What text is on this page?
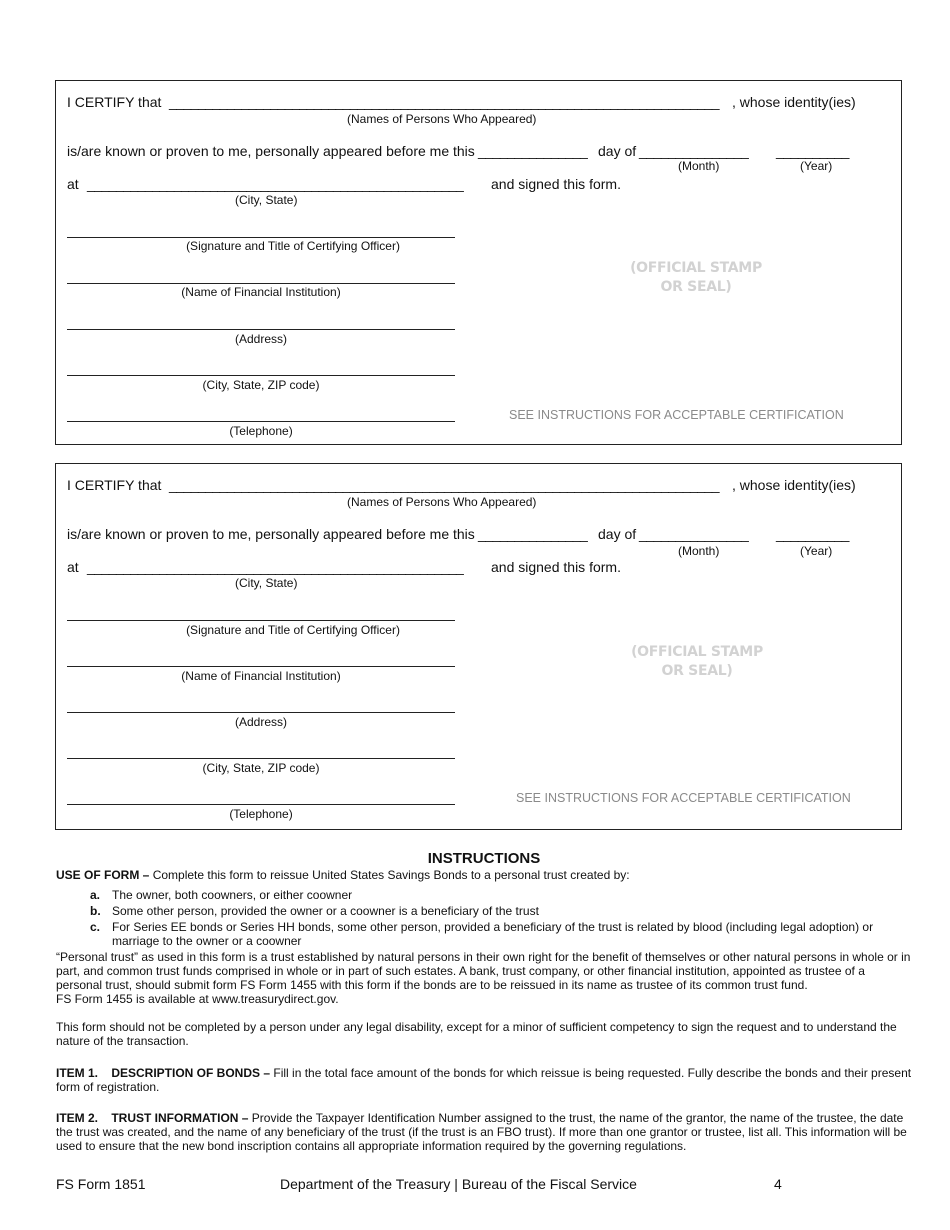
I CERTIFY that ____________________________________________________________________________ , whose identity(ies)
(Names of Persons Who Appeared)
is/are known or proven to me, personally appeared before me this _______________ day of _______________ __________
(Month)	(Year)
at ____________________________________________________ and signed this form.
(City, State)
(Signature and Title of Certifying Officer)
(Name of Financial Institution)
(Address)
(City, State, ZIP code)
(Telephone)
(OFFICIAL STAMP
OR SEAL)
SEE INSTRUCTIONS FOR ACCEPTABLE CERTIFICATION
I CERTIFY that ____________________________________________________________________________ , whose identity(ies)
(Names of Persons Who Appeared)
is/are known or proven to me, personally appeared before me this _______________ day of _______________ __________
(Month)	(Year)
at ____________________________________________________ and signed this form.
(City, State)
(Signature and Title of Certifying Officer)
(Name of Financial Institution)
(Address)
(City, State, ZIP code)
(Telephone)
(OFFICIAL STAMP
OR SEAL)
SEE INSTRUCTIONS FOR ACCEPTABLE CERTIFICATION
INSTRUCTIONS

USE OF FORM – Complete this form to reissue United States Savings Bonds to a personal trust created by:

a. The owner, both coowners, or either coowner
b. Some other person, provided the owner or a coowner is a beneficiary of the trust
c. For Series EE bonds or Series HH bonds, some other person, provided a beneficiary of the trust is related by blood (including legal adoption) or marriage to the owner or a coowner

“Personal trust” as used in this form is a trust established by natural persons in their own right for the benefit of themselves or other natural persons in whole or in part, and common trust funds comprised in whole or in part of such estates. A bank, trust company, or other financial institution, appointed as trustee of a personal trust, should submit form FS Form 1455 with this form if the bonds are to be reissued in its name as trustee of its common trust fund.

FS Form 1455 is available at www.treasurydirect.gov.

This form should not be completed by a person under any legal disability, except for a minor of sufficient competency to sign the request and to understand the nature of the transaction.

ITEM 1.    DESCRIPTION OF BONDS – Fill in the total face amount of the bonds for which reissue is being requested. Fully describe the bonds and their present form of registration.

ITEM 2.    TRUST INFORMATION – Provide the Taxpayer Identification Number assigned to the trust, the name of the grantor, the name of the trustee, the date the trust was created, and the name of any beneficiary of the trust (if the trust is an FBO trust). If more than one grantor or trustee, list all. This information will be used to ensure that the new bond inscription contains all appropriate information required by the governing regulations.

FS Form 1851	Department of the Treasury | Bureau of the Fiscal Service	4
